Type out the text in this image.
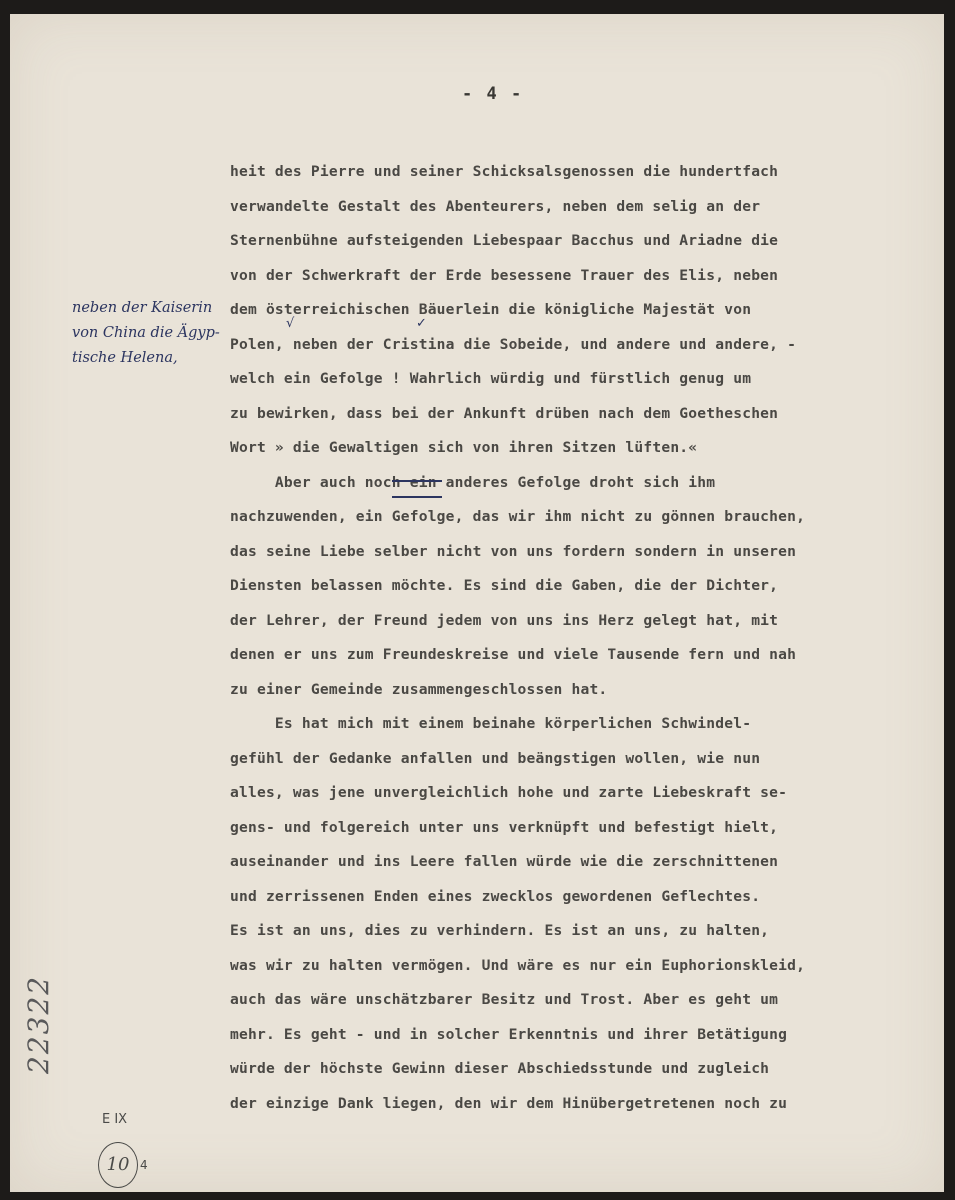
- 4 -
heit des Pierre und seiner Schicksalsgenossen die hundertfach
verwandelte Gestalt des Abenteurers, neben dem selig an der
Sternenbühne aufsteigenden Liebespaar Bacchus und Ariadne die
von der Schwerkraft der Erde besessene Trauer des Elis, neben
dem österreichischen Bäuerlein die königliche Majestät von
Polen, neben der Cristina die Sobeide, und andere und andere, -
welch ein Gefolge ! Wahrlich würdig und fürstlich genug um
zu bewirken, dass bei der Ankunft drüben nach dem Goetheschen
Wort » die Gewaltigen sich von ihren Sitzen lüften.«
Aber auch noch ein anderes Gefolge droht sich ihm
nachzuwenden, ein Gefolge, das wir ihm nicht zu gönnen brauchen,
das seine Liebe selber nicht von uns fordern sondern in unseren
Diensten belassen möchte. Es sind die Gaben, die der Dichter,
der Lehrer, der Freund jedem von uns ins Herz gelegt hat, mit
denen er uns zum Freundeskreise und viele Tausende fern und nah
zu einer Gemeinde zusammengeschlossen hat.
Es hat mich mit einem beinahe körperlichen Schwindel-
gefühl der Gedanke anfallen und beängstigen wollen, wie nun
alles, was jene unvergleichlich hohe und zarte Liebeskraft se-
gens- und folgereich unter uns verknüpft und befestigt hielt,
auseinander und ins Leere fallen würde wie die zerschnittenen
und zerrissenen Enden eines zwecklos gewordenen Geflechtes.
Es ist an uns, dies zu verhindern. Es ist an uns, zu halten,
was wir zu halten vermögen. Und wäre es nur ein Euphorionskleid,
auch das wäre unschätzbarer Besitz und Trost. Aber es geht um
mehr. Es geht - und in solcher Erkenntnis und ihrer Betätigung
würde der höchste Gewinn dieser Abschiedsstunde und zugleich
der einzige Dank liegen, den wir dem Hinübergetretenen noch zu
√	✓
neben der Kaiserin
von China die Ägyp-
tische Helena,
22322
E IX
10 4
